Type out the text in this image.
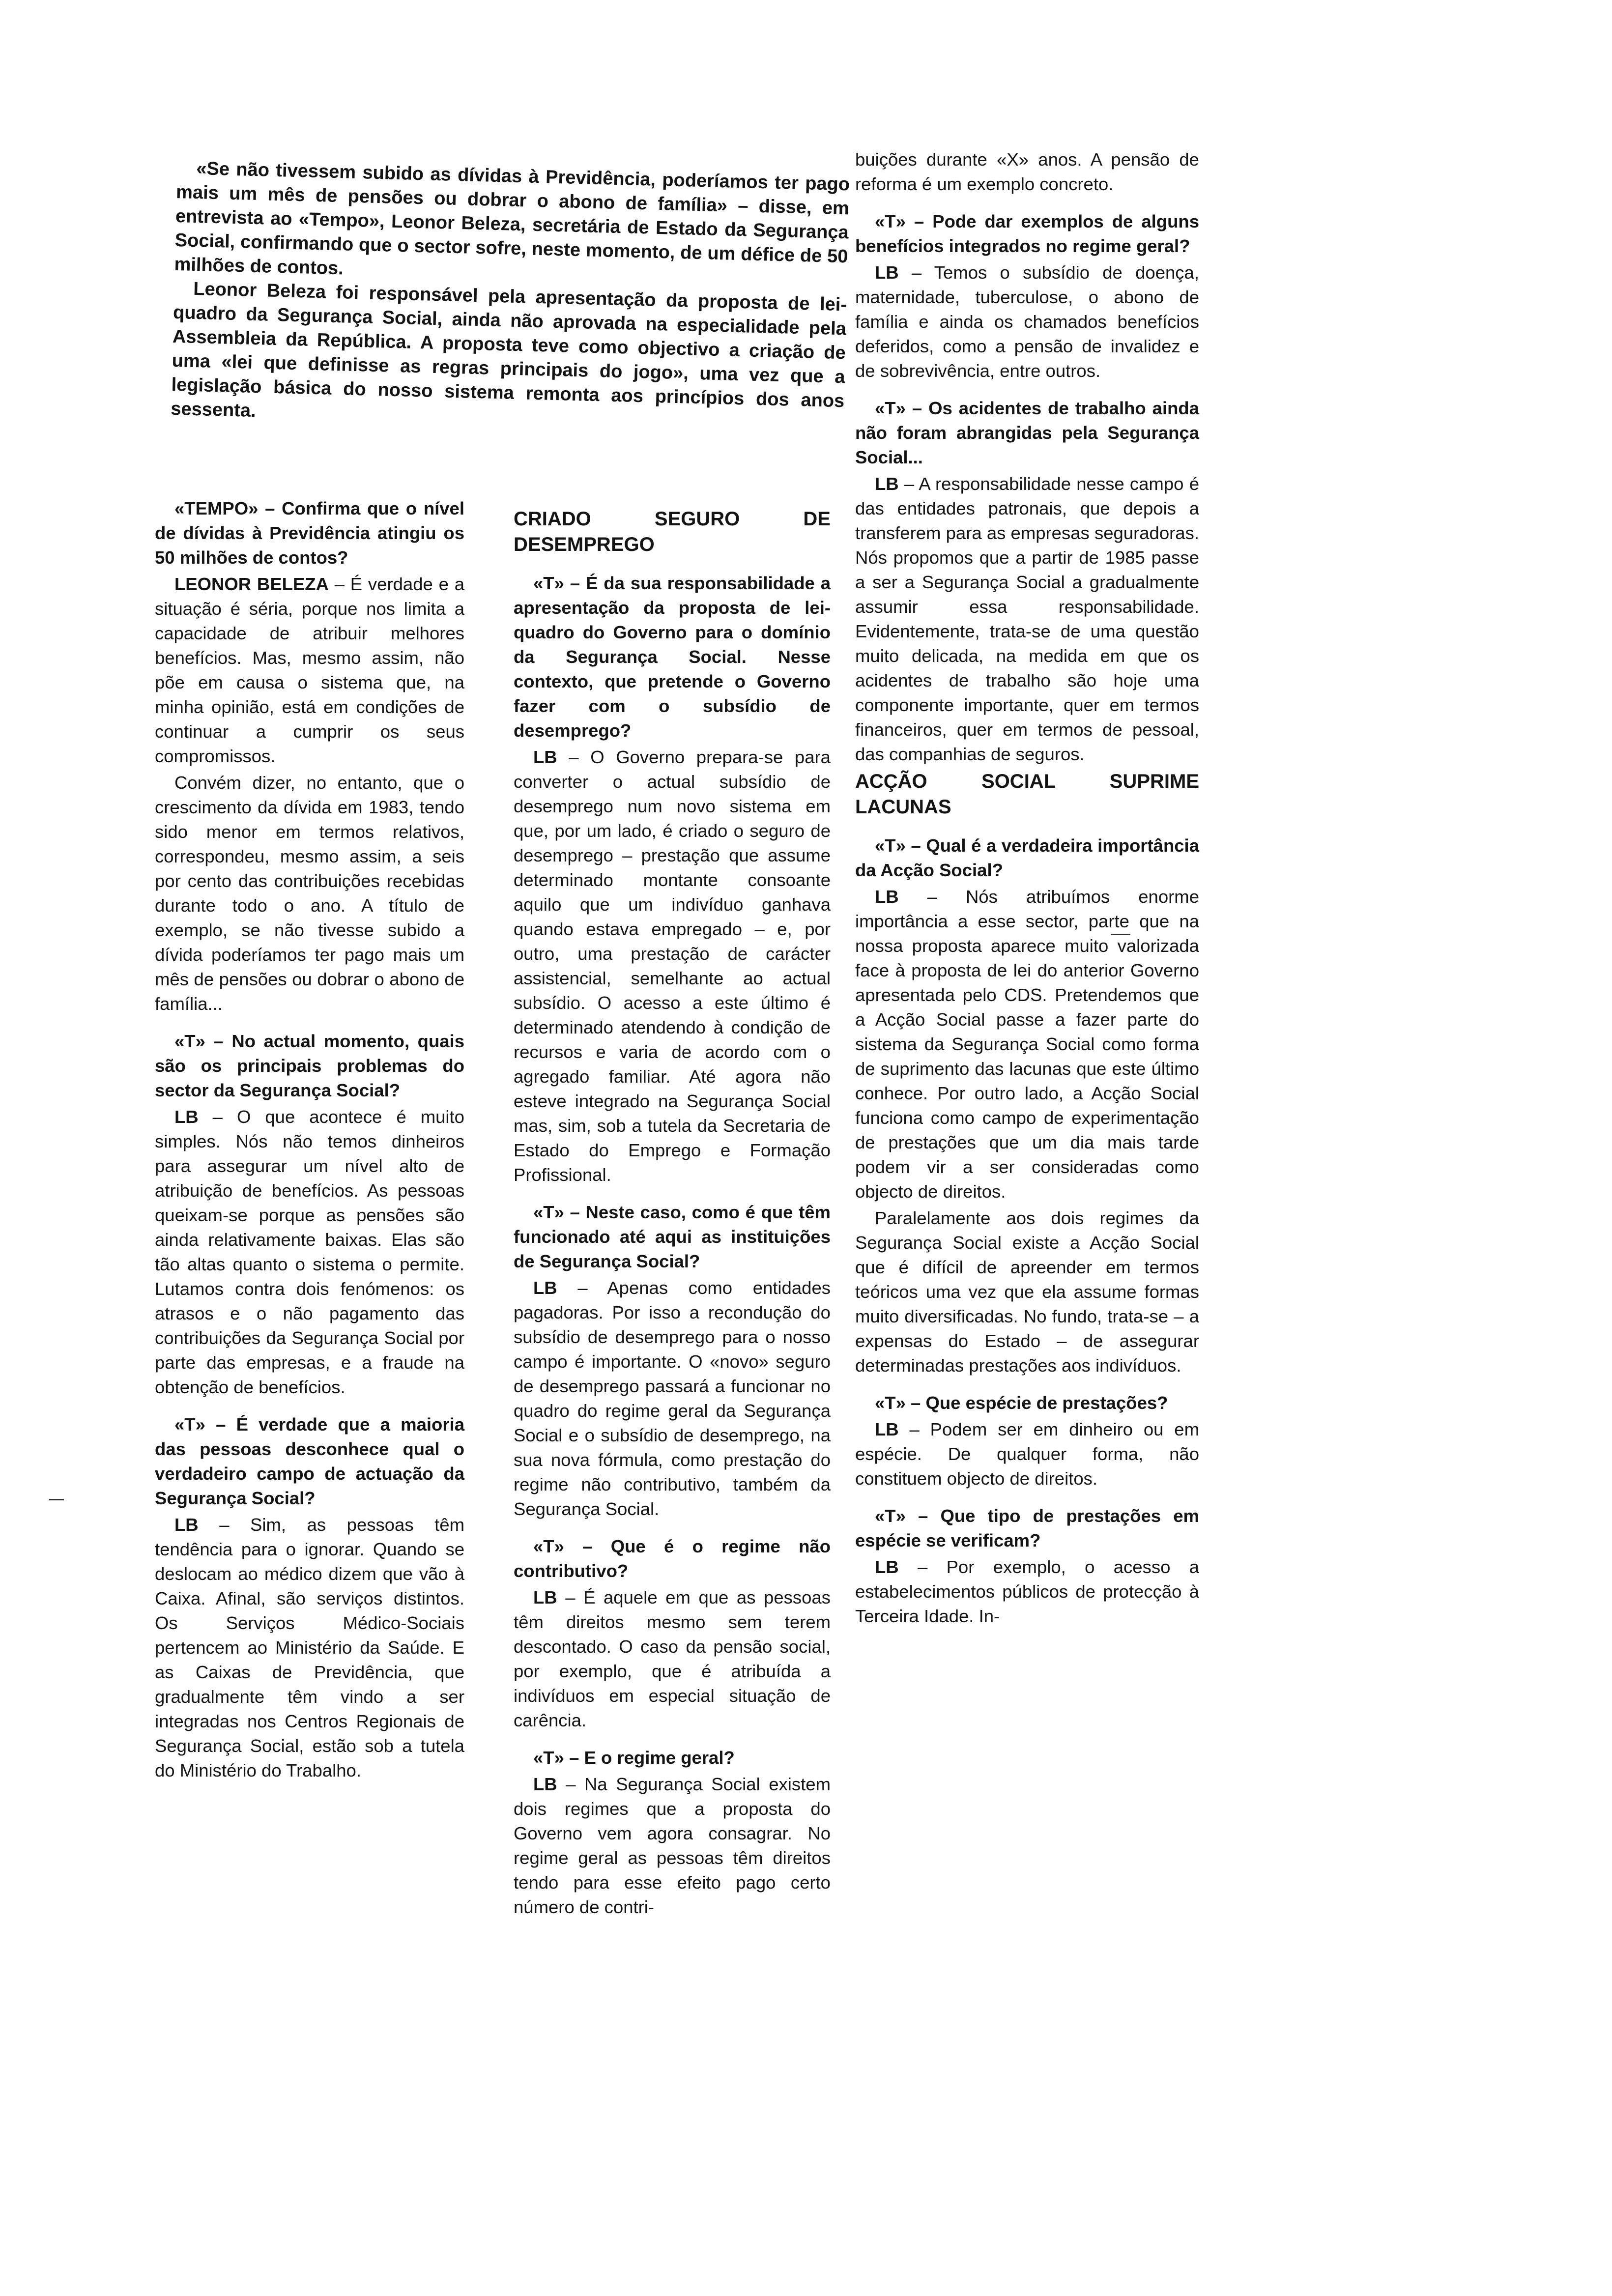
«Se não tivessem subido as dívidas à Previdência, poderíamos ter pago mais um mês de pensões ou dobrar o abono de família» – disse, em entrevista ao «Tempo», Leonor Beleza, secretária de Estado da Segurança Social, confirmando que o sector sofre, neste momento, de um défice de 50 milhões de contos.

Leonor Beleza foi responsável pela apresentação da proposta de lei-quadro da Segurança Social, ainda não aprovada na especialidade pela Assembleia da República. A proposta teve como objectivo a criação de uma «lei que definisse as regras principais do jogo», uma vez que a legislação básica do nosso sistema remonta aos princípios dos anos sessenta.

«TEMPO» – Confirma que o nível de dívidas à Previdência atingiu os 50 milhões de contos?

LEONOR BELEZA – É verdade e a situação é séria, porque nos limita a capacidade de atribuir melhores benefícios. Mas, mesmo assim, não põe em causa o sistema que, na minha opinião, está em condições de continuar a cumprir os seus compromissos.

Convém dizer, no entanto, que o crescimento da dívida em 1983, tendo sido menor em termos relativos, correspondeu, mesmo assim, a seis por cento das contribuições recebidas durante todo o ano. A título de exemplo, se não tivesse subido a dívida poderíamos ter pago mais um mês de pensões ou dobrar o abono de família...

«T» – No actual momento, quais são os principais problemas do sector da Segurança Social?

LB – O que acontece é muito simples. Nós não temos dinheiros para assegurar um nível alto de atribuição de benefícios. As pessoas queixam-se porque as pensões são ainda relativamente baixas. Elas são tão altas quanto o sistema o permite. Lutamos contra dois fenómenos: os atrasos e o não pagamento das contribuições da Segurança Social por parte das empresas, e a fraude na obtenção de benefícios.

«T» – É verdade que a maioria das pessoas desconhece qual o verdadeiro campo de actuação da Segurança Social?

LB – Sim, as pessoas têm tendência para o ignorar. Quando se deslocam ao médico dizem que vão à Caixa. Afinal, são serviços distintos. Os Serviços Médico-Sociais pertencem ao Ministério da Saúde. E as Caixas de Previdência, que gradualmente têm vindo a ser integradas nos Centros Regionais de Segurança Social, estão sob a tutela do Ministério do Trabalho.

CRIADO SEGURO DE DESEMPREGO

«T» – É da sua responsabilidade a apresentação da proposta de lei-quadro do Governo para o domínio da Segurança Social. Nesse contexto, que pretende o Governo fazer com o subsídio de desemprego?

LB – O Governo prepara-se para converter o actual subsídio de desemprego num novo sistema em que, por um lado, é criado o seguro de desemprego – prestação que assume determinado montante consoante aquilo que um indivíduo ganhava quando estava empregado – e, por outro, uma prestação de carácter assistencial, semelhante ao actual subsídio. O acesso a este último é determinado atendendo à condição de recursos e varia de acordo com o agregado familiar. Até agora não esteve integrado na Segurança Social mas, sim, sob a tutela da Secretaria de Estado do Emprego e Formação Profissional.

«T» – Neste caso, como é que têm funcionado até aqui as instituições de Segurança Social?

LB – Apenas como entidades pagadoras. Por isso a recondução do subsídio de desemprego para o nosso campo é importante. O «novo» seguro de desemprego passará a funcionar no quadro do regime geral da Segurança Social e o subsídio de desemprego, na sua nova fórmula, como prestação do regime não contributivo, também da Segurança Social.

«T» – Que é o regime não contributivo?

LB – É aquele em que as pessoas têm direitos mesmo sem terem descontado. O caso da pensão social, por exemplo, que é atribuída a indivíduos em especial situação de carência.

«T» – E o regime geral?

LB – Na Segurança Social existem dois regimes que a proposta do Governo vem agora consagrar. No regime geral as pessoas têm direitos tendo para esse efeito pago certo número de contri-

buições durante «X» anos. A pensão de reforma é um exemplo concreto.

«T» – Pode dar exemplos de alguns benefícios integrados no regime geral?

LB – Temos o subsídio de doença, maternidade, tuberculose, o abono de família e ainda os chamados benefícios deferidos, como a pensão de invalidez e de sobrevivência, entre outros.

«T» – Os acidentes de trabalho ainda não foram abrangidas pela Segurança Social...

LB – A responsabilidade nesse campo é das entidades patronais, que depois a transferem para as empresas seguradoras. Nós propomos que a partir de 1985 passe a ser a Segurança Social a gradualmente assumir essa responsabilidade. Evidentemente, trata-se de uma questão muito delicada, na medida em que os acidentes de trabalho são hoje uma componente importante, quer em termos financeiros, quer em termos de pessoal, das companhias de seguros.

ACÇÃO SOCIAL SUPRIME LACUNAS

«T» – Qual é a verdadeira importância da Acção Social?

LB – Nós atribuímos enorme importância a esse sector, parte que na nossa proposta aparece muito valorizada face à proposta de lei do anterior Governo apresentada pelo CDS. Pretendemos que a Acção Social passe a fazer parte do sistema da Segurança Social como forma de suprimento das lacunas que este último conhece. Por outro lado, a Acção Social funciona como campo de experimentação de prestações que um dia mais tarde podem vir a ser consideradas como objecto de direitos.

Paralelamente aos dois regimes da Segurança Social existe a Acção Social que é difícil de apreender em termos teóricos uma vez que ela assume formas muito diversificadas. No fundo, trata-se – a expensas do Estado – de assegurar determinadas prestações aos indivíduos.

«T» – Que espécie de prestações?

LB – Podem ser em dinheiro ou em espécie. De qualquer forma, não constituem objecto de direitos.

«T» – Que tipo de prestações em espécie se verificam?

LB – Por exemplo, o acesso a estabelecimentos públicos de protecção à Terceira Idade. In-
